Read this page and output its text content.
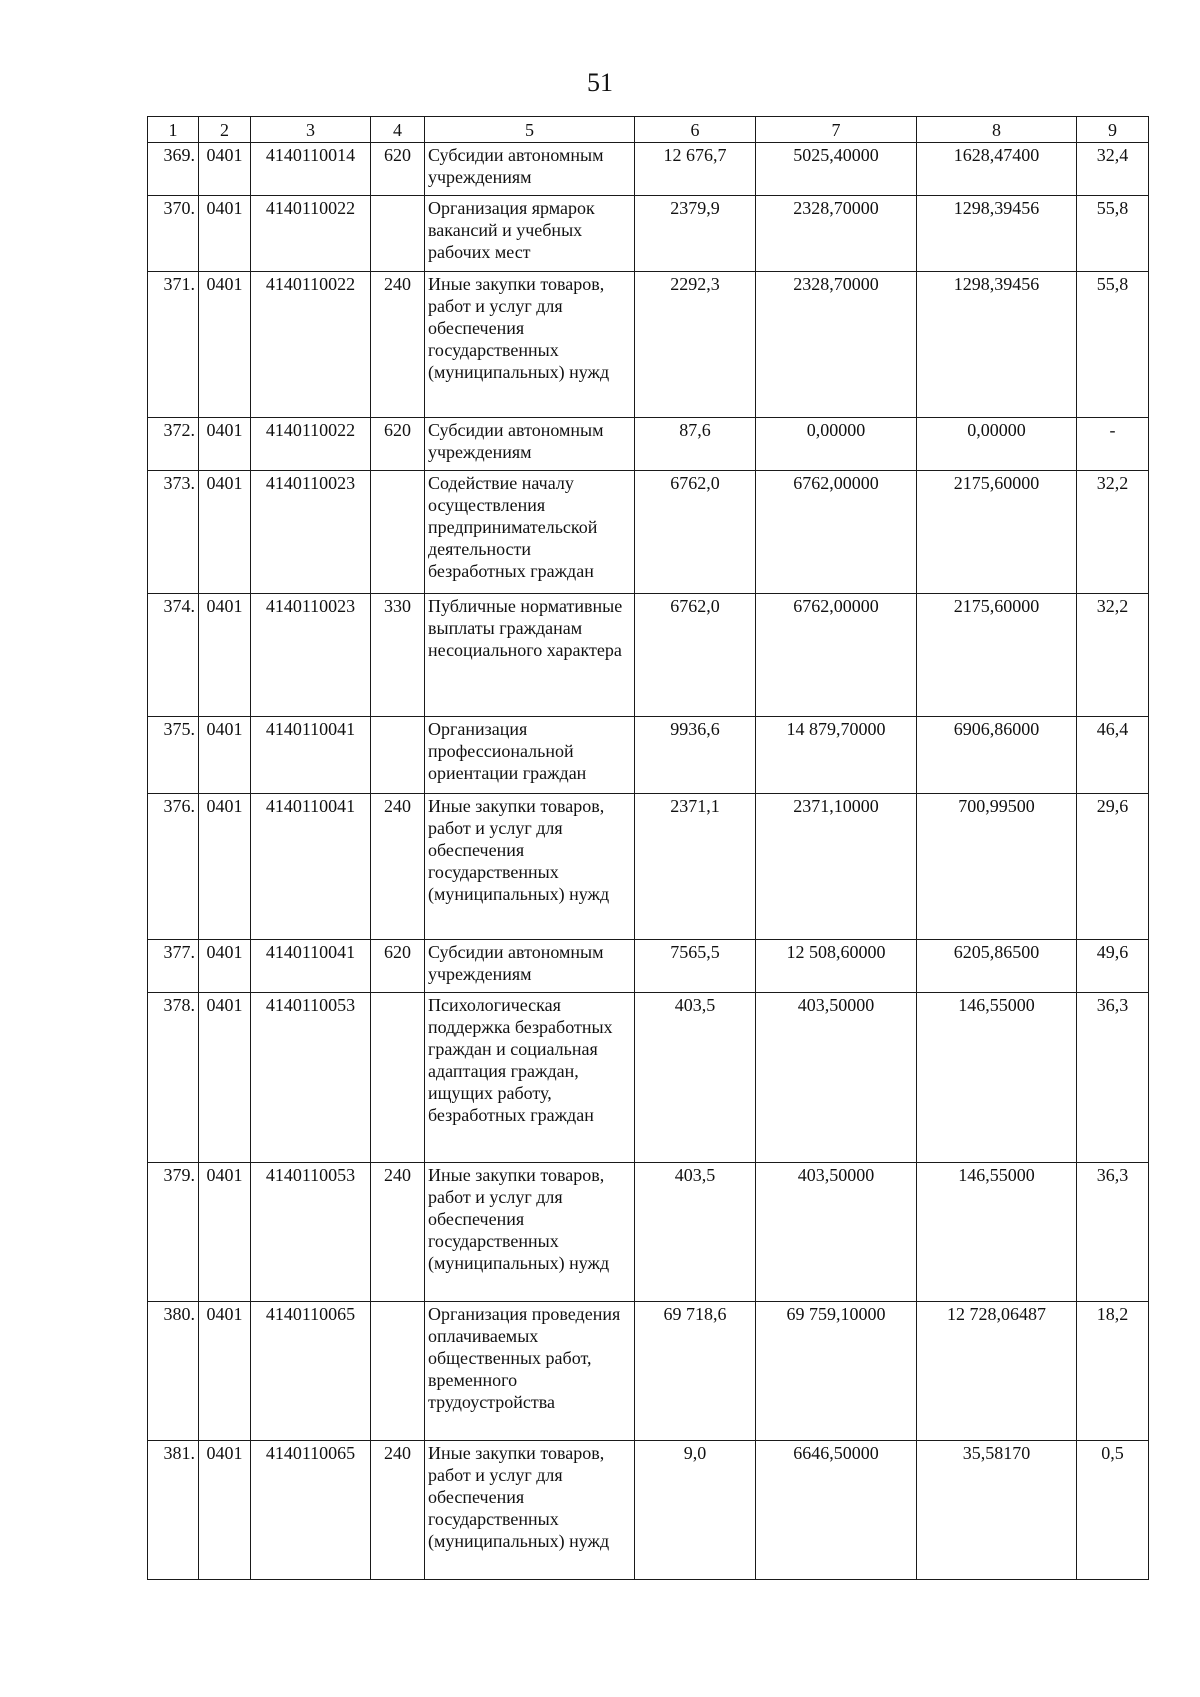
51
1	2	3	4	5	6	7	8	9
369.	0401	4140110014	620	Субсидии автономным учреждениям	12 676,7	5025,40000	1628,47400	32,4
370.	0401	4140110022		Организация ярмарок вакансий и учебных рабочих мест	2379,9	2328,70000	1298,39456	55,8
371.	0401	4140110022	240	Иные закупки товаров, работ и услуг для обеспечения государственных (муниципальных) нужд	2292,3	2328,70000	1298,39456	55,8
372.	0401	4140110022	620	Субсидии автономным учреждениям	87,6	0,00000	0,00000	-
373.	0401	4140110023		Содействие началу осуществления предпринимательской деятельности безработных граждан	6762,0	6762,00000	2175,60000	32,2
374.	0401	4140110023	330	Публичные нормативные выплаты гражданам несоциального характера	6762,0	6762,00000	2175,60000	32,2
375.	0401	4140110041		Организация профессиональной ориентации граждан	9936,6	14 879,70000	6906,86000	46,4
376.	0401	4140110041	240	Иные закупки товаров, работ и услуг для обеспечения государственных (муниципальных) нужд	2371,1	2371,10000	700,99500	29,6
377.	0401	4140110041	620	Субсидии автономным учреждениям	7565,5	12 508,60000	6205,86500	49,6
378.	0401	4140110053		Психологическая поддержка безработных граждан и социальная адаптация граждан, ищущих работу, безработных граждан	403,5	403,50000	146,55000	36,3
379.	0401	4140110053	240	Иные закупки товаров, работ и услуг для обеспечения государственных (муниципальных) нужд	403,5	403,50000	146,55000	36,3
380.	0401	4140110065		Организация проведения оплачиваемых общественных работ, временного трудоустройства	69 718,6	69 759,10000	12 728,06487	18,2
381.	0401	4140110065	240	Иные закупки товаров, работ и услуг для обеспечения государственных (муниципальных) нужд	9,0	6646,50000	35,58170	0,5
